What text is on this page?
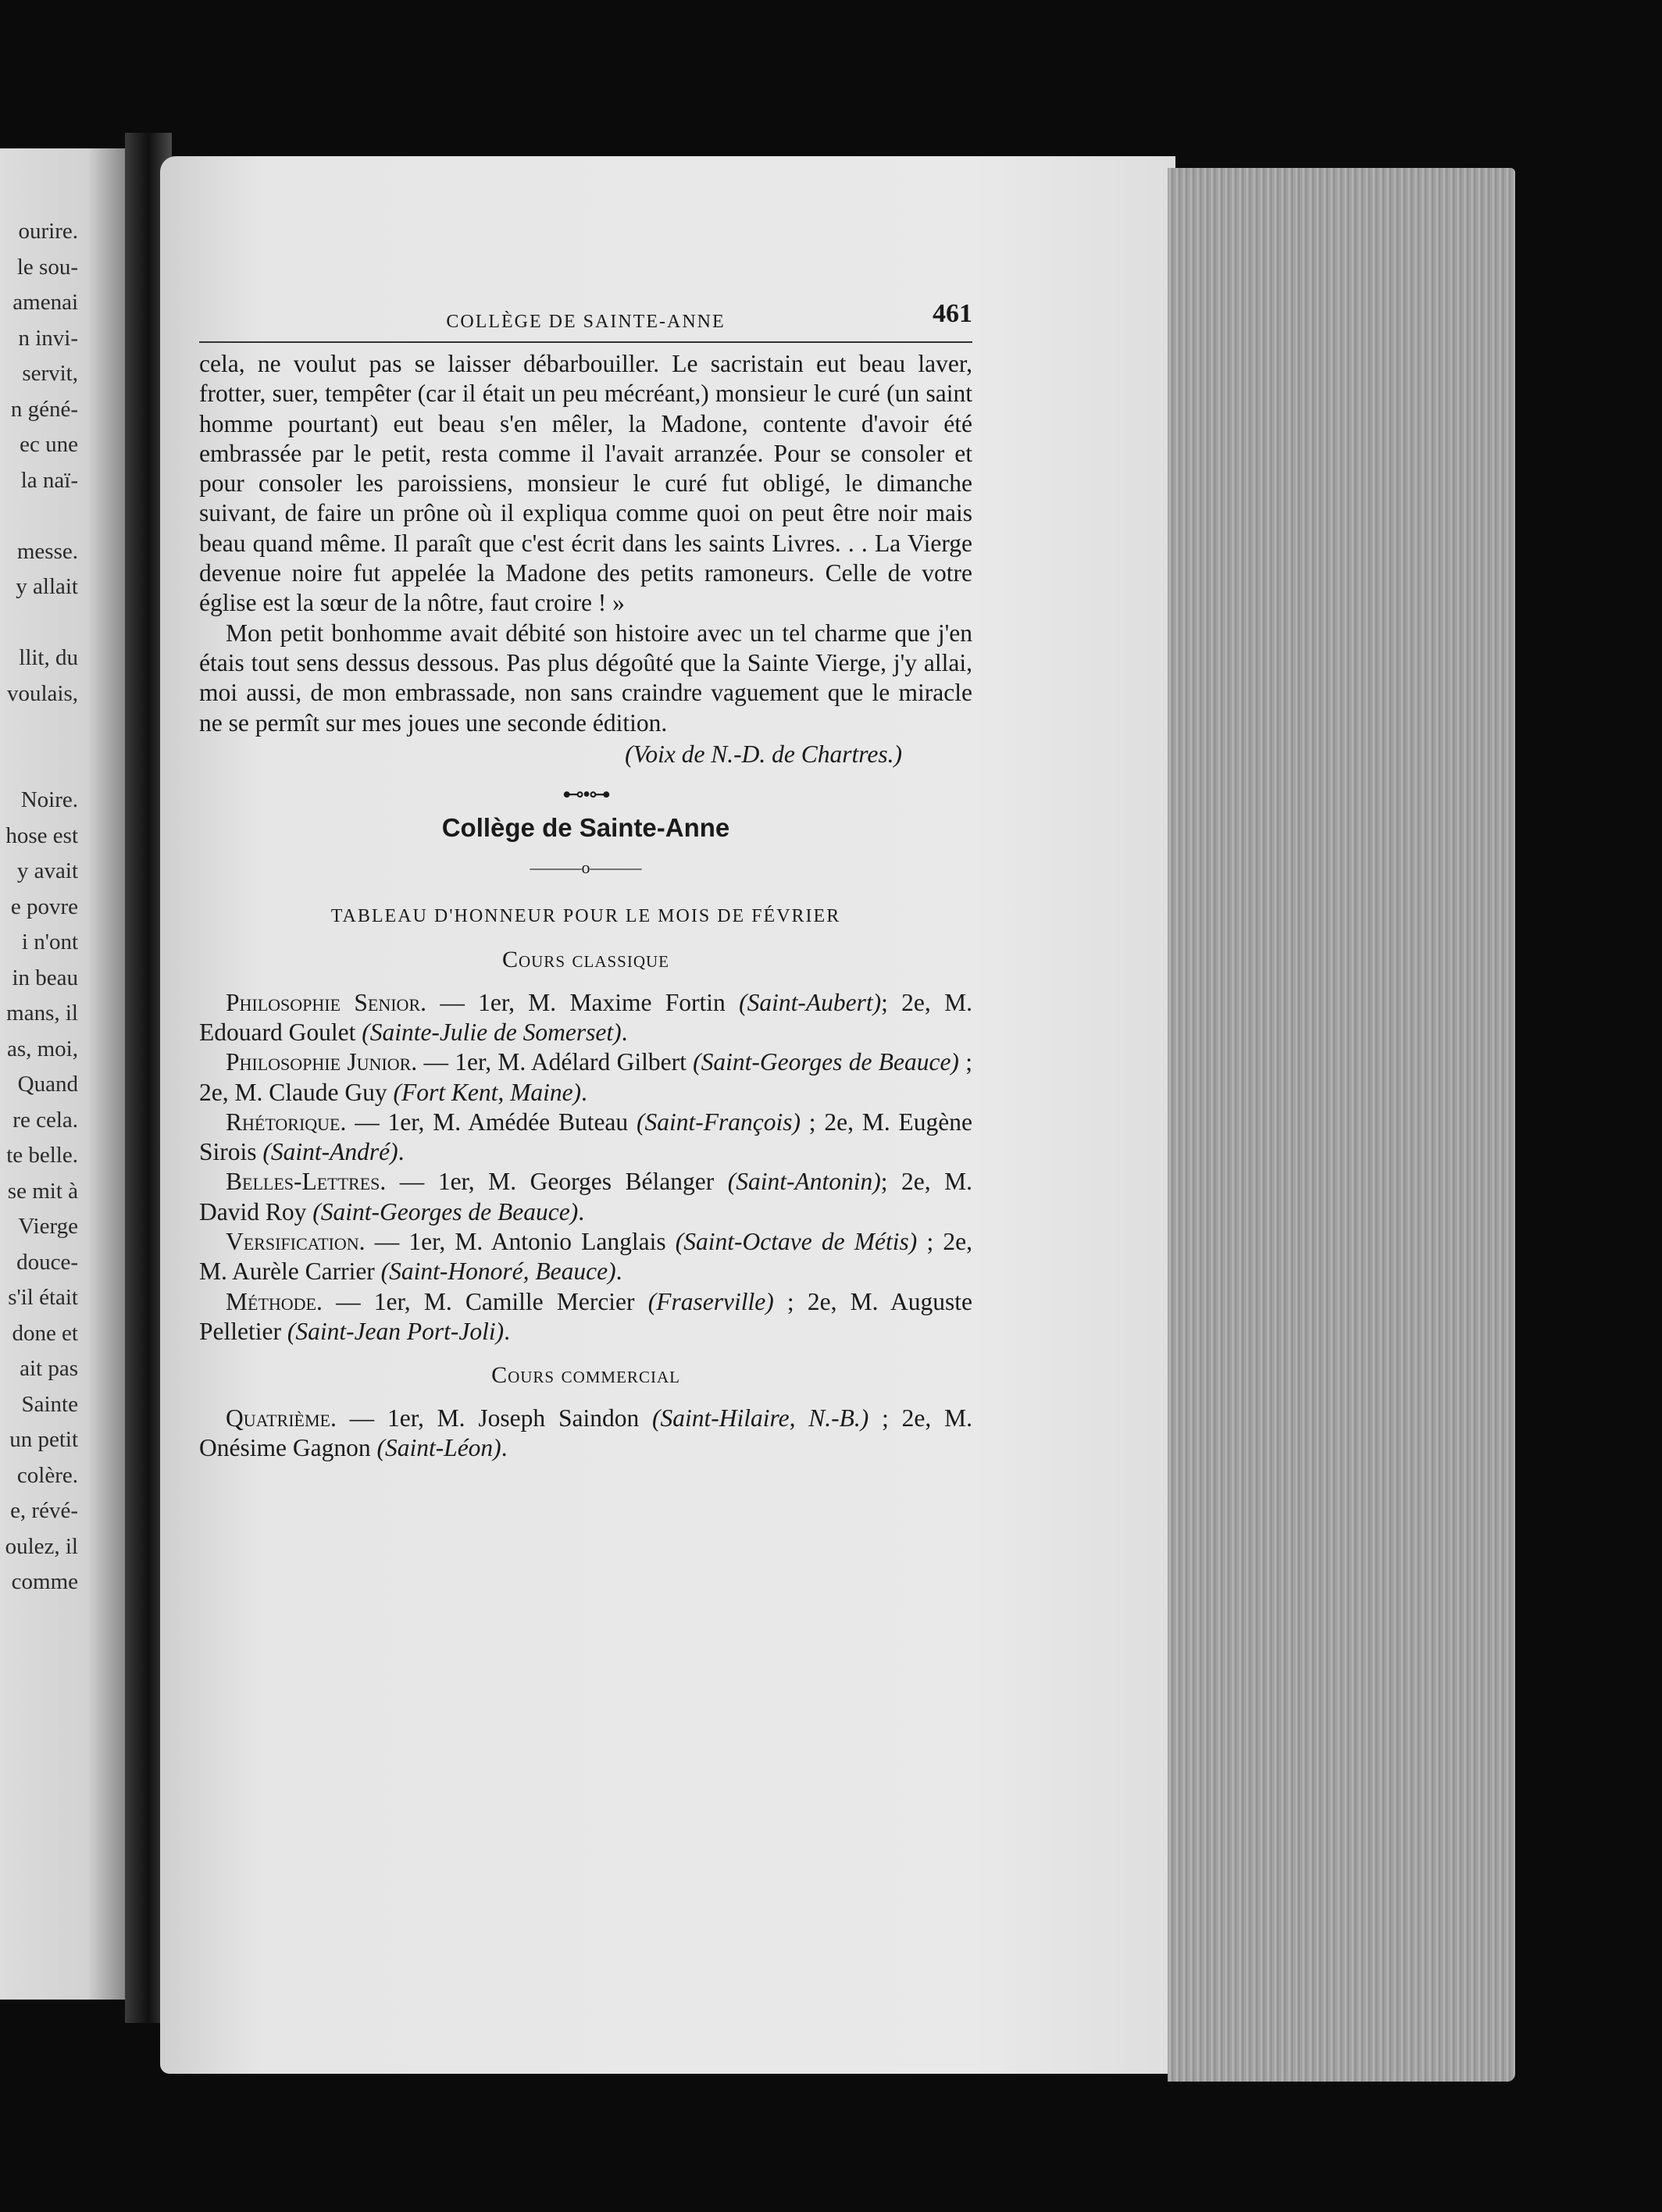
ourire.
le sou-
amenai
n invi-
servit,
n géné-
ec une
la naï-
messe.
y allait
llit, du
voulais,
Noire.
hose est
y avait
e povre
i n'ont
in beau
mans, il
as, moi,
Quand
re cela.
te belle.
se mit à
Vierge
douce-
s'il était
done et
ait pas
Sainte
un petit
colère.
e, révé-
oulez, il
comme
COLLÈGE DE SAINTE-ANNE	461

cela, ne voulut pas se laisser débarbouiller. Le sacristain eut beau laver, frotter, suer, tempêter (car il était un peu mécréant,) monsieur le curé (un saint homme pourtant) eut beau s'en mêler, la Madone, contente d'avoir été embrassée par le petit, resta comme il l'avait arranzée. Pour se consoler et pour consoler les paroissiens, monsieur le curé fut obligé, le dimanche suivant, de faire un prône où il expliqua comme quoi on peut être noir mais beau quand même. Il paraît que c'est écrit dans les saints Livres. . . La Vierge devenue noire fut appelée la Madone des petits ramoneurs. Celle de votre église est la sœur de la nôtre, faut croire ! »

Mon petit bonhomme avait débité son histoire avec un tel charme que j'en étais tout sens dessus dessous. Pas plus dégoûté que la Sainte Vierge, j'y allai, moi aussi, de mon embrassade, non sans craindre vaguement que le miracle ne se permît sur mes joues une seconde édition.

(Voix de N.-D. de Chartres.)

⊷•⊶
Collège de Sainte-Anne
———o———
TABLEAU D'HONNEUR POUR LE MOIS DE FÉVRIER
Cours classique

Philosophie Senior. — 1er, M. Maxime Fortin (Saint-Aubert); 2e, M. Edouard Goulet (Sainte-Julie de Somerset).

Philosophie Junior. — 1er, M. Adélard Gilbert (Saint-Georges de Beauce) ; 2e, M. Claude Guy (Fort Kent, Maine).

Rhétorique. — 1er, M. Amédée Buteau (Saint-François) ; 2e, M. Eugène Sirois (Saint-André).

Belles-Lettres. — 1er, M. Georges Bélanger (Saint-Antonin); 2e, M. David Roy (Saint-Georges de Beauce).

Versification. — 1er, M. Antonio Langlais (Saint-Octave de Métis) ; 2e, M. Aurèle Carrier (Saint-Honoré, Beauce).

Méthode. — 1er, M. Camille Mercier (Fraserville) ; 2e, M. Auguste Pelletier (Saint-Jean Port-Joli).

Cours commercial

Quatrième. — 1er, M. Joseph Saindon (Saint-Hilaire, N.-B.) ; 2e, M. Onésime Gagnon (Saint-Léon).
